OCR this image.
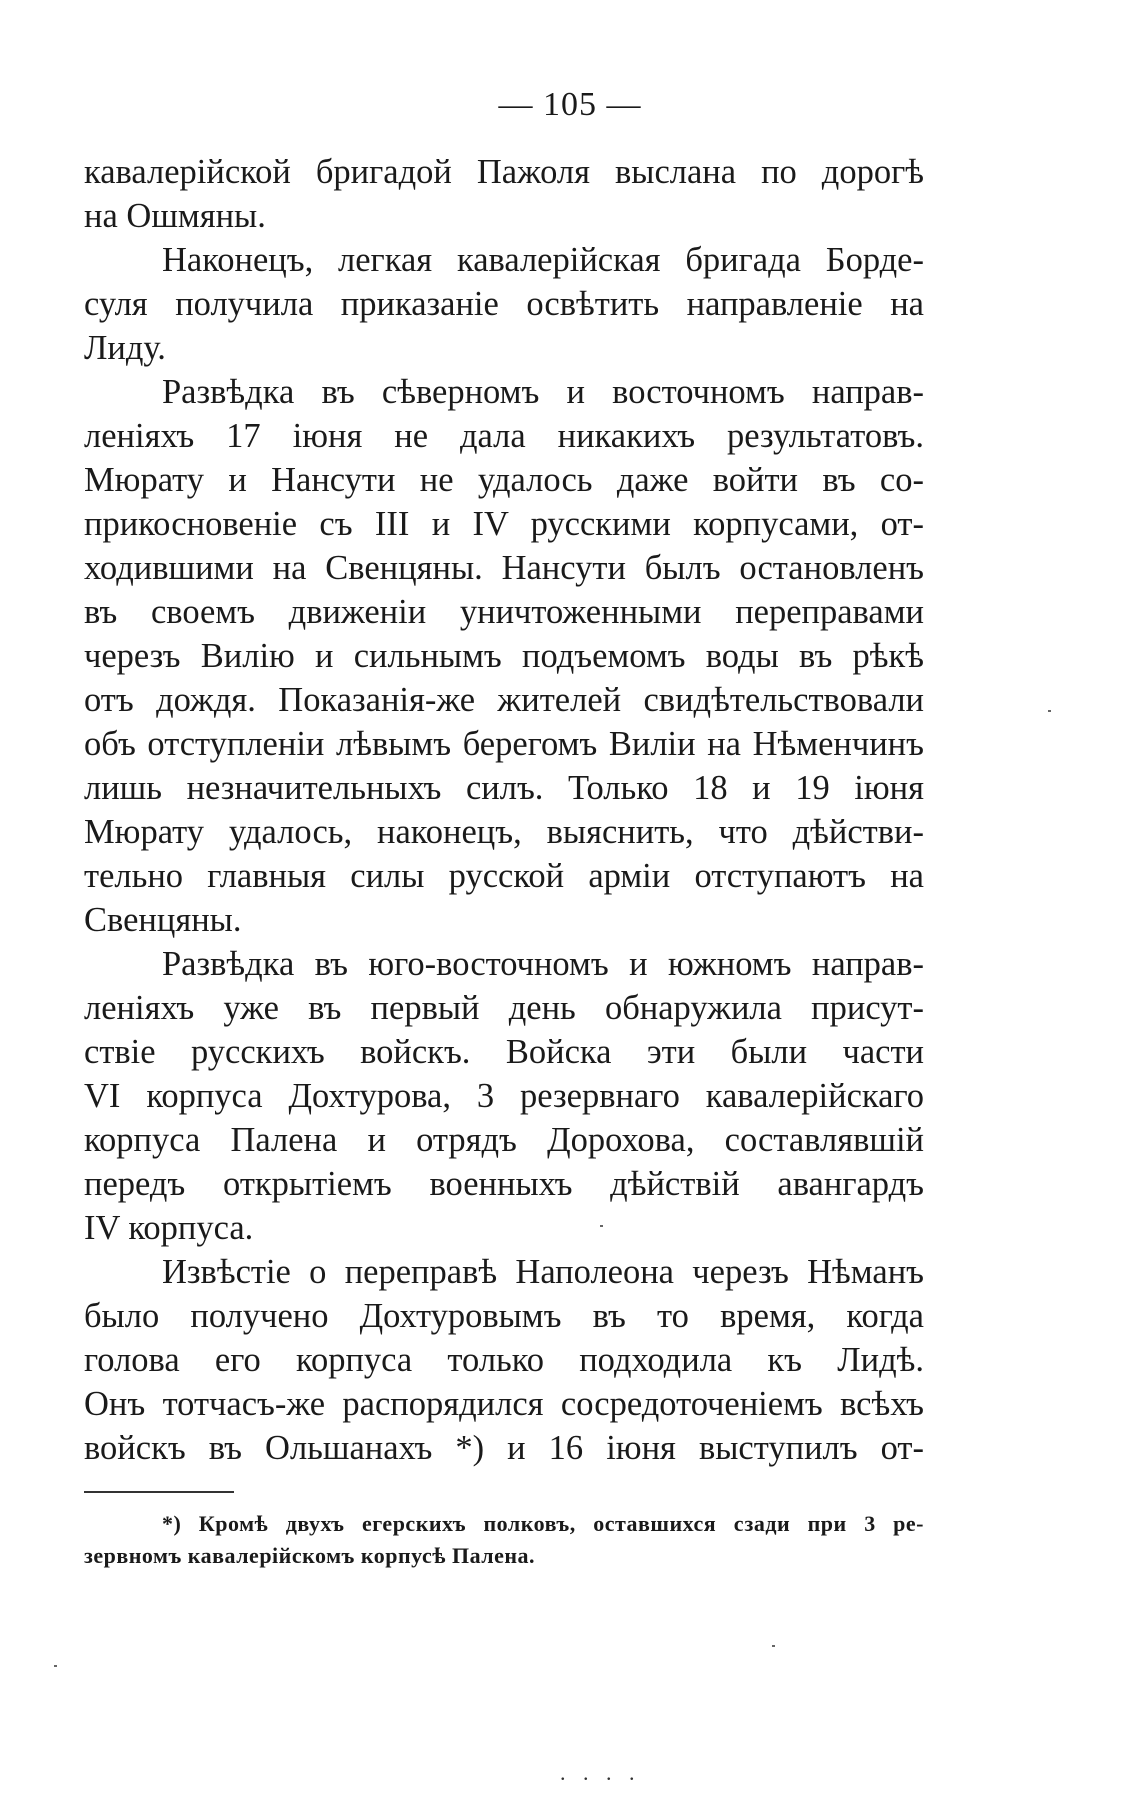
— 105 —
кавалерійской бригадой Пажоля выслана по дорогѣ
на Ошмяны.
Наконецъ, легкая кавалерійская бригада Борде-
суля получила приказаніе освѣтить направленіе на
Лиду.
Развѣдка въ сѣверномъ и восточномъ направ-
леніяхъ 17 іюня не дала никакихъ результатовъ.
Мюрату и Нансути не удалось даже войти въ со-
прикосновеніе съ III и IV русскими корпусами, от-
ходившими на Свенцяны. Нансути былъ остановленъ
въ своемъ движеніи уничтоженными переправами
черезъ Вилію и сильнымъ подъемомъ воды въ рѣкѣ
отъ дождя. Показанія-же жителей свидѣтельствовали
объ отступленіи лѣвымъ берегомъ Виліи на Нѣменчинъ
лишь незначительныхъ силъ. Только 18 и 19 іюня
Мюрату удалось, наконецъ, выяснить, что дѣйстви-
тельно главныя силы русской арміи отступаютъ на
Свенцяны.
Развѣдка въ юго-восточномъ и южномъ направ-
леніяхъ уже въ первый день обнаружила присут-
ствіе русскихъ войскъ. Войска эти были части
VI корпуса Дохтурова, 3 резервнаго кавалерійскаго
корпуса Палена и отрядъ Дорохова, составлявшій
передъ открытіемъ военныхъ дѣйствій авангардъ
IV корпуса.
Извѣстіе о переправѣ Наполеона черезъ Нѣманъ
было получено Дохтуровымъ въ то время, когда
голова его корпуса только подходила къ Лидѣ.
Онъ тотчасъ-же распорядился сосредоточеніемъ всѣхъ
войскъ въ Ольшанахъ *) и 16 іюня выступилъ от-
*) Кромѣ двухъ егерскихъ полковъ, оставшихся сзади при 3 ре-
зервномъ кавалерійскомъ корпусѣ Палена.
. . . .
